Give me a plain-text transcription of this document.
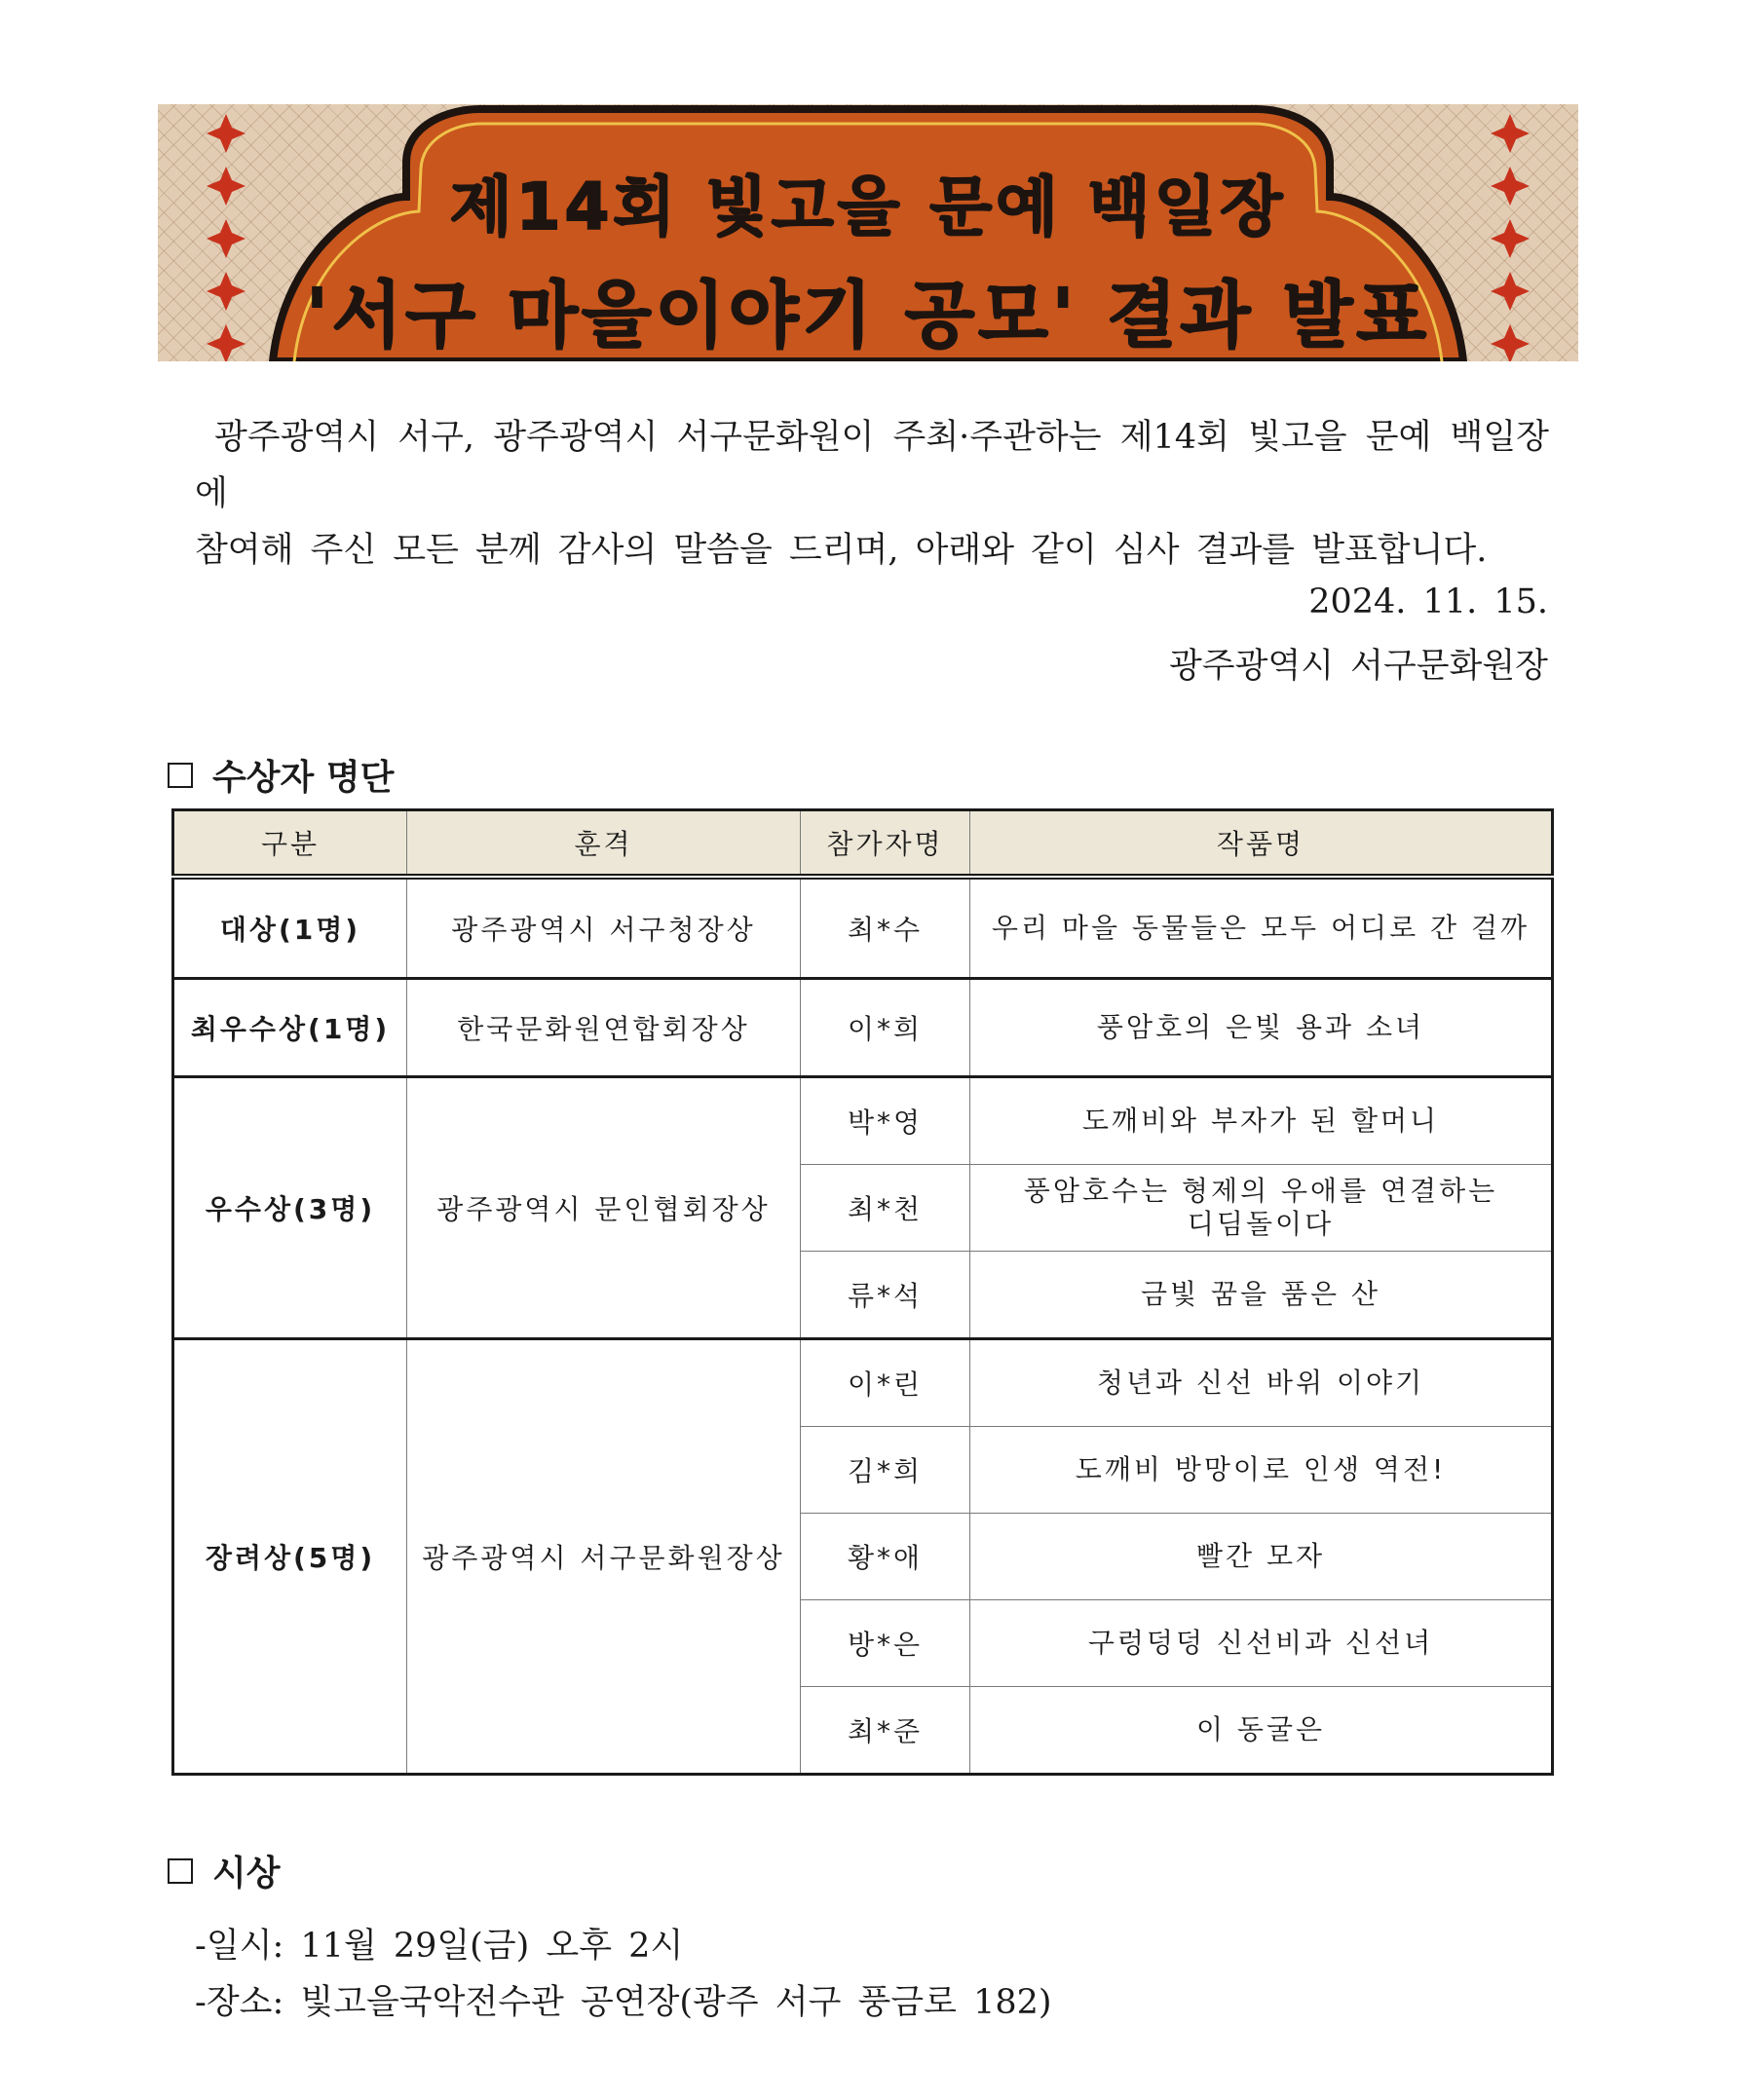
제14회 빛고을 문예 백일장
'서구 마을이야기 공모' 결과 발표
광주광역시 서구, 광주광역시 서구문화원이 주최·주관하는 제14회 빛고을 문예 백일장에
참여해 주신 모든 분께 감사의 말씀을 드리며, 아래와 같이 심사 결과를 발표합니다.
2024. 11. 15.
광주광역시 서구문화원장
수상자 명단
구분	훈격	참가자명	작품명
대상(1명)	광주광역시 서구청장상	최*수	우리 마을 동물들은 모두 어디로 간 걸까
최우수상(1명)	한국문화원연합회장상	이*희	풍암호의 은빛 용과 소녀
우수상(3명)	광주광역시 문인협회장상	박*영	도깨비와 부자가 된 할머니
		최*천	풍암호수는 형제의 우애를 연결하는 디딤돌이다
		류*석	금빛 꿈을 품은 산
장려상(5명)	광주광역시 서구문화원장상	이*린	청년과 신선 바위 이야기
		김*희	도깨비 방망이로 인생 역전!
		황*애	빨간 모자
		방*은	구렁덩덩 신선비과 신선녀
		최*준	이 동굴은
시상
-일시: 11월 29일(금) 오후 2시
-장소: 빛고을국악전수관 공연장(광주 서구 풍금로 182)
